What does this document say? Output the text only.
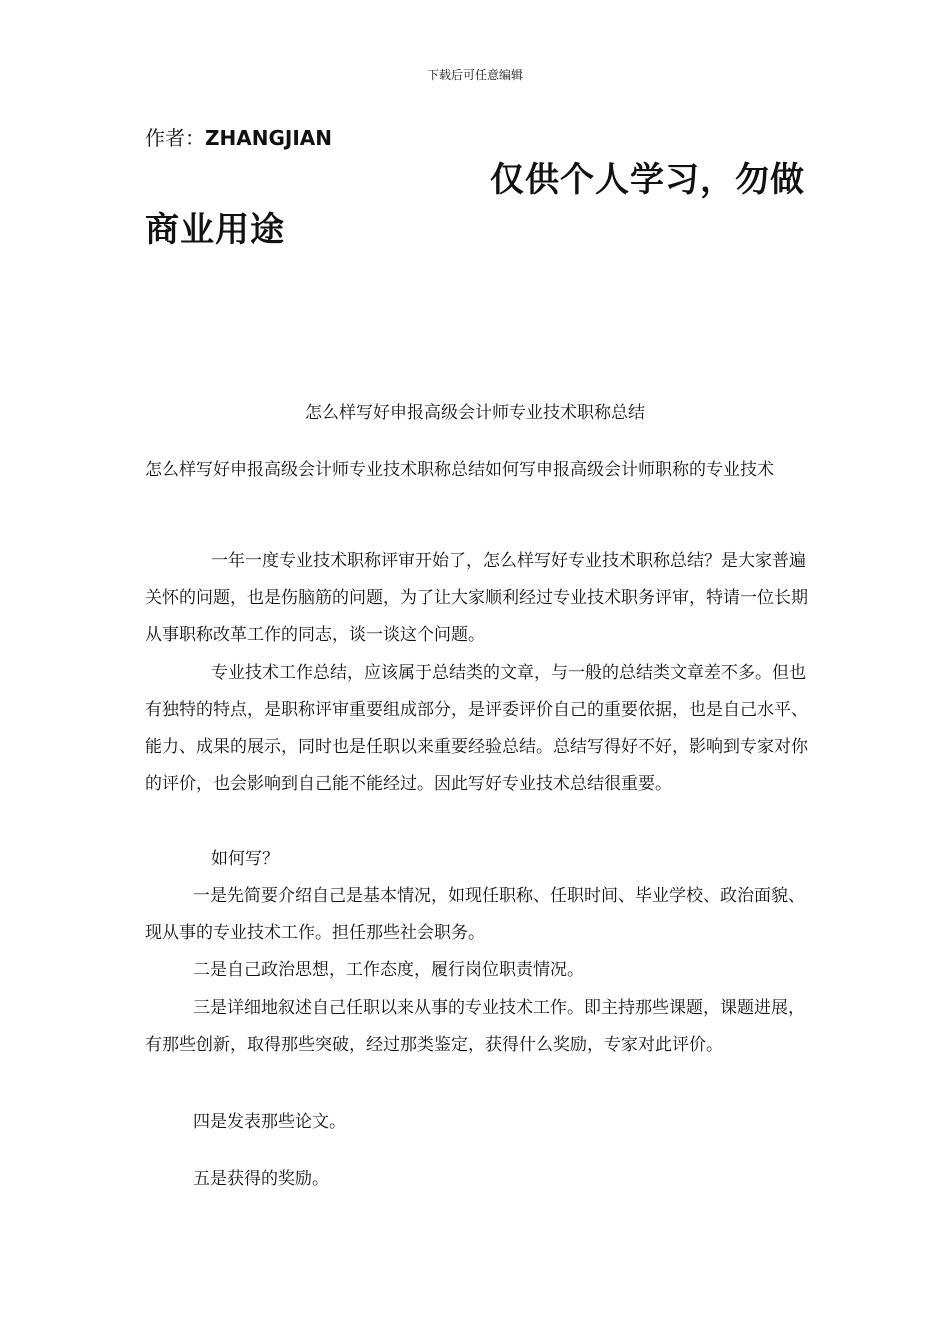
下载后可任意编辑
作者：ZHANGJIAN
仅供个人学习，勿做
商业用途
怎么样写好申报高级会计师专业技术职称总结
怎么样写好申报高级会计师专业技术职称总结如何写申报高级会计师职称的专业技术
一年一度专业技术职称评审开始了，怎么样写好专业技术职称总结？是大家普遍关怀的问题，也是伤脑筋的问题，为了让大家顺利经过专业技术职务评审，特请一位长期从事职称改革工作的同志，谈一谈这个问题。
专业技术工作总结，应该属于总结类的文章，与一般的总结类文章差不多。但也有独特的特点，是职称评审重要组成部分，是评委评价自己的重要依据，也是自己水平、能力、成果的展示，同时也是任职以来重要经验总结。总结写得好不好，影响到专家对你的评价，也会影响到自己能不能经过。因此写好专业技术总结很重要。
如何写？
一是先简要介绍自己是基本情况，如现任职称、任职时间、毕业学校、政治面貌、现从事的专业技术工作。担任那些社会职务。
二是自己政治思想，工作态度，履行岗位职责情况。
三是详细地叙述自己任职以来从事的专业技术工作。即主持那些课题，课题进展，有那些创新，取得那些突破，经过那类鉴定，获得什么奖励，专家对此评价。
四是发表那些论文。
五是获得的奖励。
